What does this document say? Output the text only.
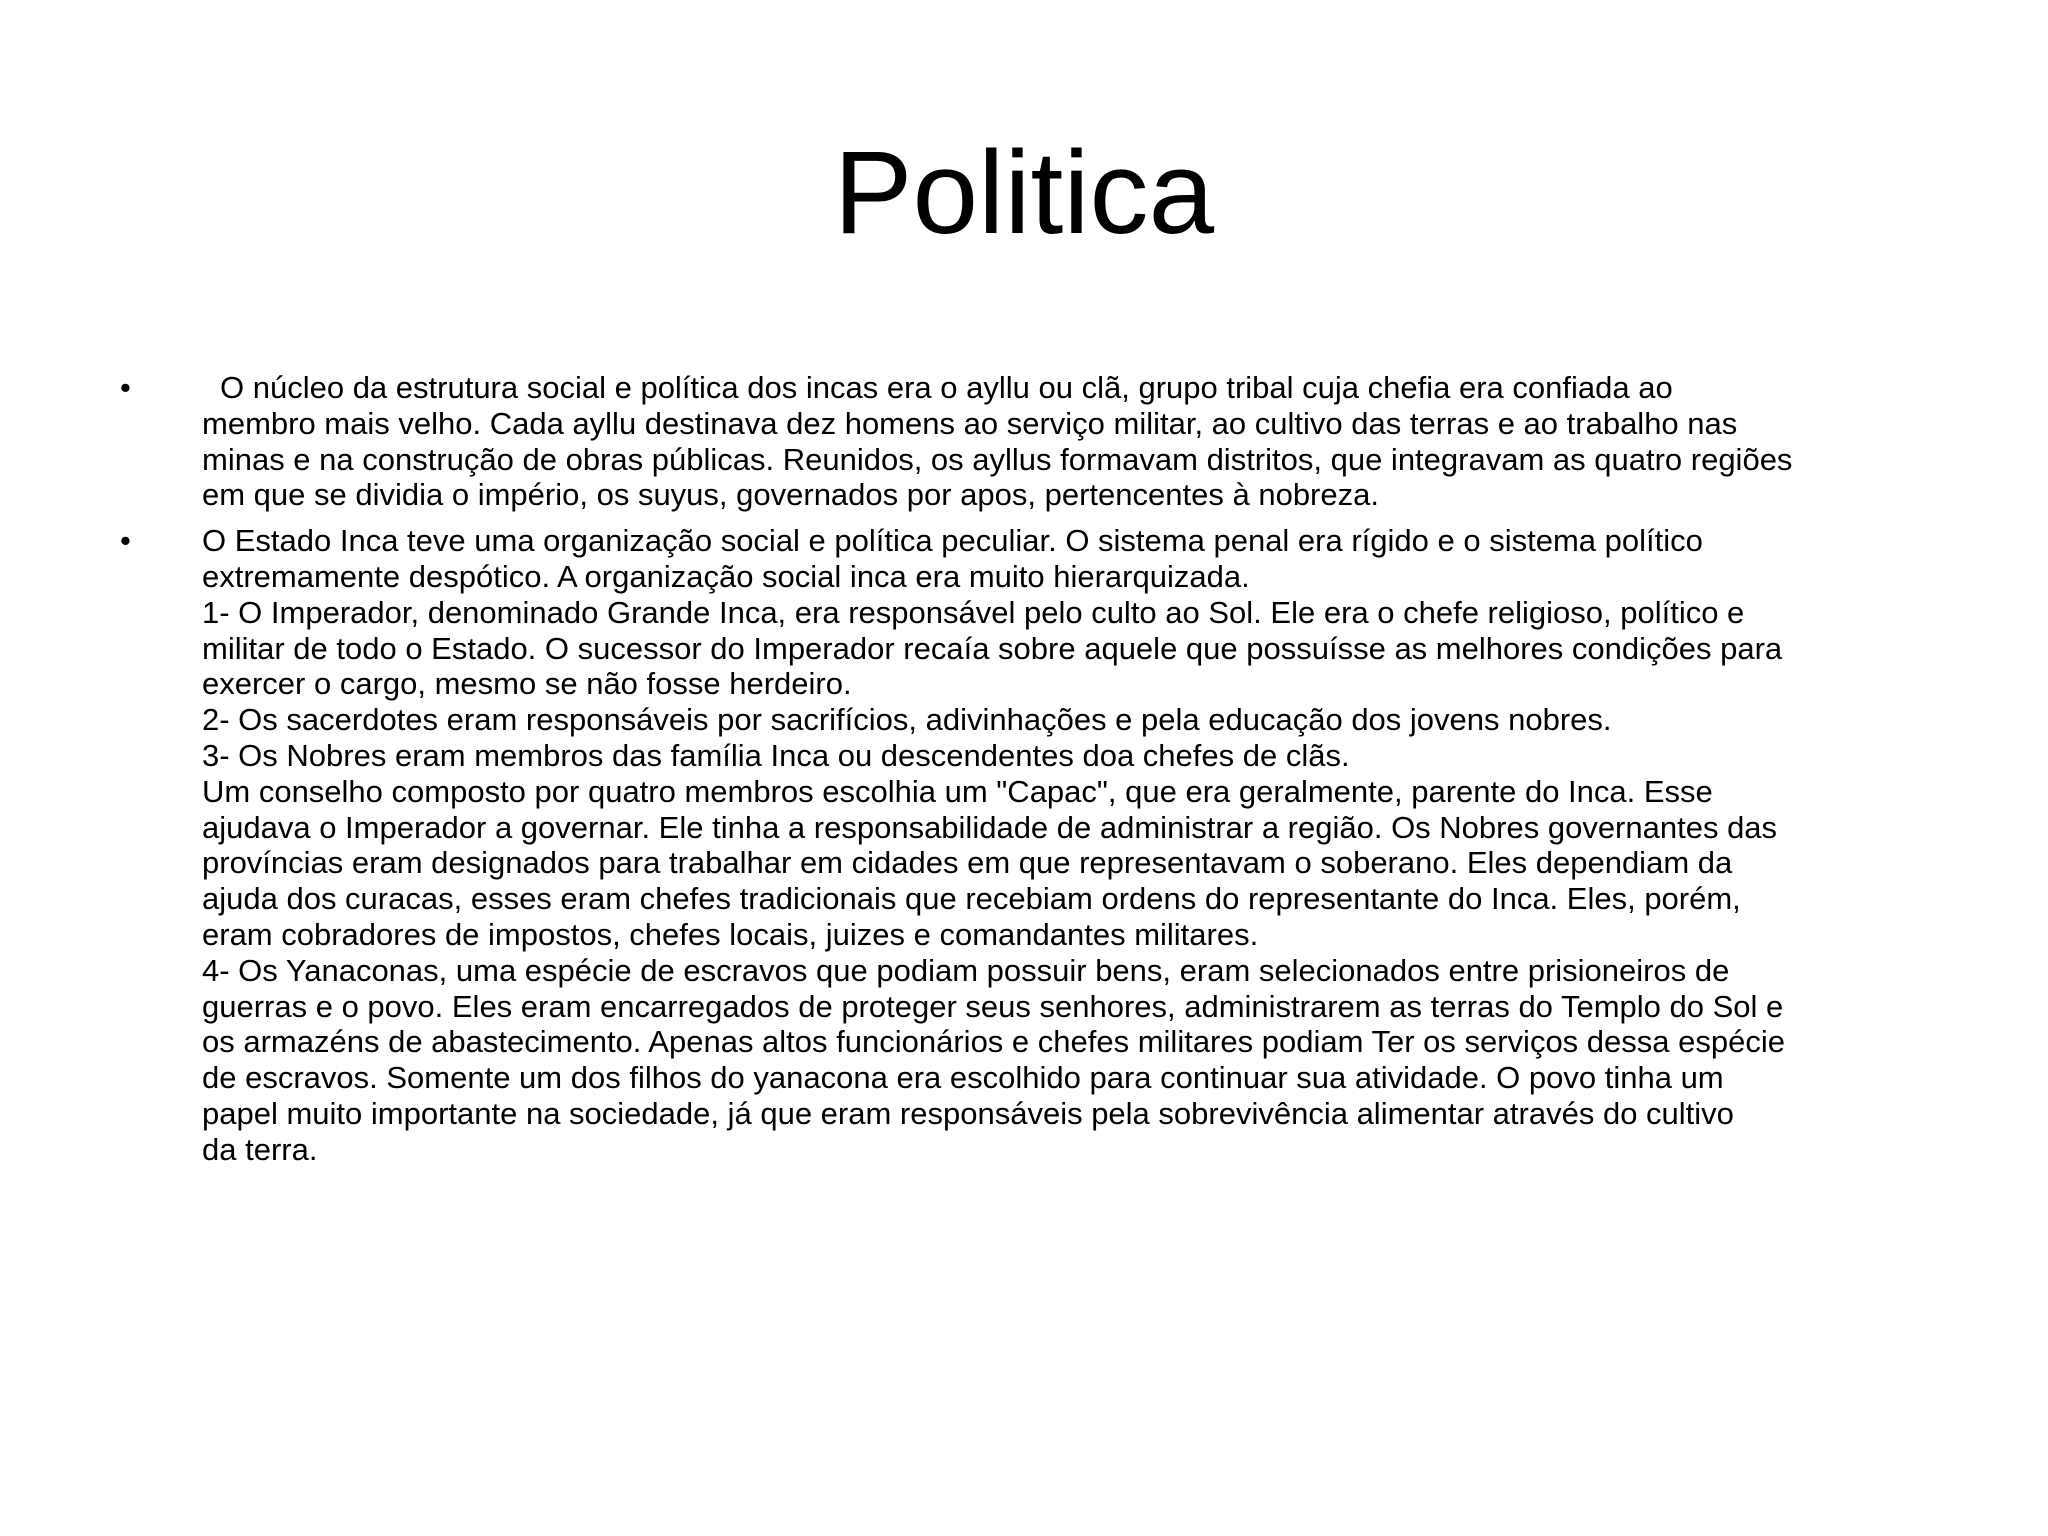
Politica
•	O núcleo da estrutura social e política dos incas era o ayllu ou clã, grupo tribal cuja chefia era confiada ao
membro mais velho. Cada ayllu destinava dez homens ao serviço militar, ao cultivo das terras e ao trabalho nas
minas e na construção de obras públicas. Reunidos, os ayllus formavam distritos, que integravam as quatro regiões
em que se dividia o império, os suyus, governados por apos, pertencentes à nobreza.
•	O Estado Inca teve uma organização social e política peculiar. O sistema penal era rígido e o sistema político
extremamente despótico. A organização social inca era muito hierarquizada.
1- O Imperador, denominado Grande Inca, era responsável pelo culto ao Sol. Ele era o chefe religioso, político e
militar de todo o Estado. O sucessor do Imperador recaía sobre aquele que possuísse as melhores condições para
exercer o cargo, mesmo se não fosse herdeiro.
2- Os sacerdotes eram responsáveis por sacrifícios, adivinhações e pela educação dos jovens nobres.
3- Os Nobres eram membros das família Inca ou descendentes doa chefes de clãs.
Um conselho composto por quatro membros escolhia um "Capac", que era geralmente, parente do Inca. Esse
ajudava o Imperador a governar. Ele tinha a responsabilidade de administrar a região. Os Nobres governantes das
províncias eram designados para trabalhar em cidades em que representavam o soberano. Eles dependiam da
ajuda dos curacas, esses eram chefes tradicionais que recebiam ordens do representante do Inca. Eles, porém,
eram cobradores de impostos, chefes locais, juizes e comandantes militares.
4- Os Yanaconas, uma espécie de escravos que podiam possuir bens, eram selecionados entre prisioneiros de
guerras e o povo. Eles eram encarregados de proteger seus senhores, administrarem as terras do Templo do Sol e
os armazéns de abastecimento. Apenas altos funcionários e chefes militares podiam Ter os serviços dessa espécie
de escravos. Somente um dos filhos do yanacona era escolhido para continuar sua atividade. O povo tinha um
papel muito importante na sociedade, já que eram responsáveis pela sobrevivência alimentar através do cultivo
da terra.
